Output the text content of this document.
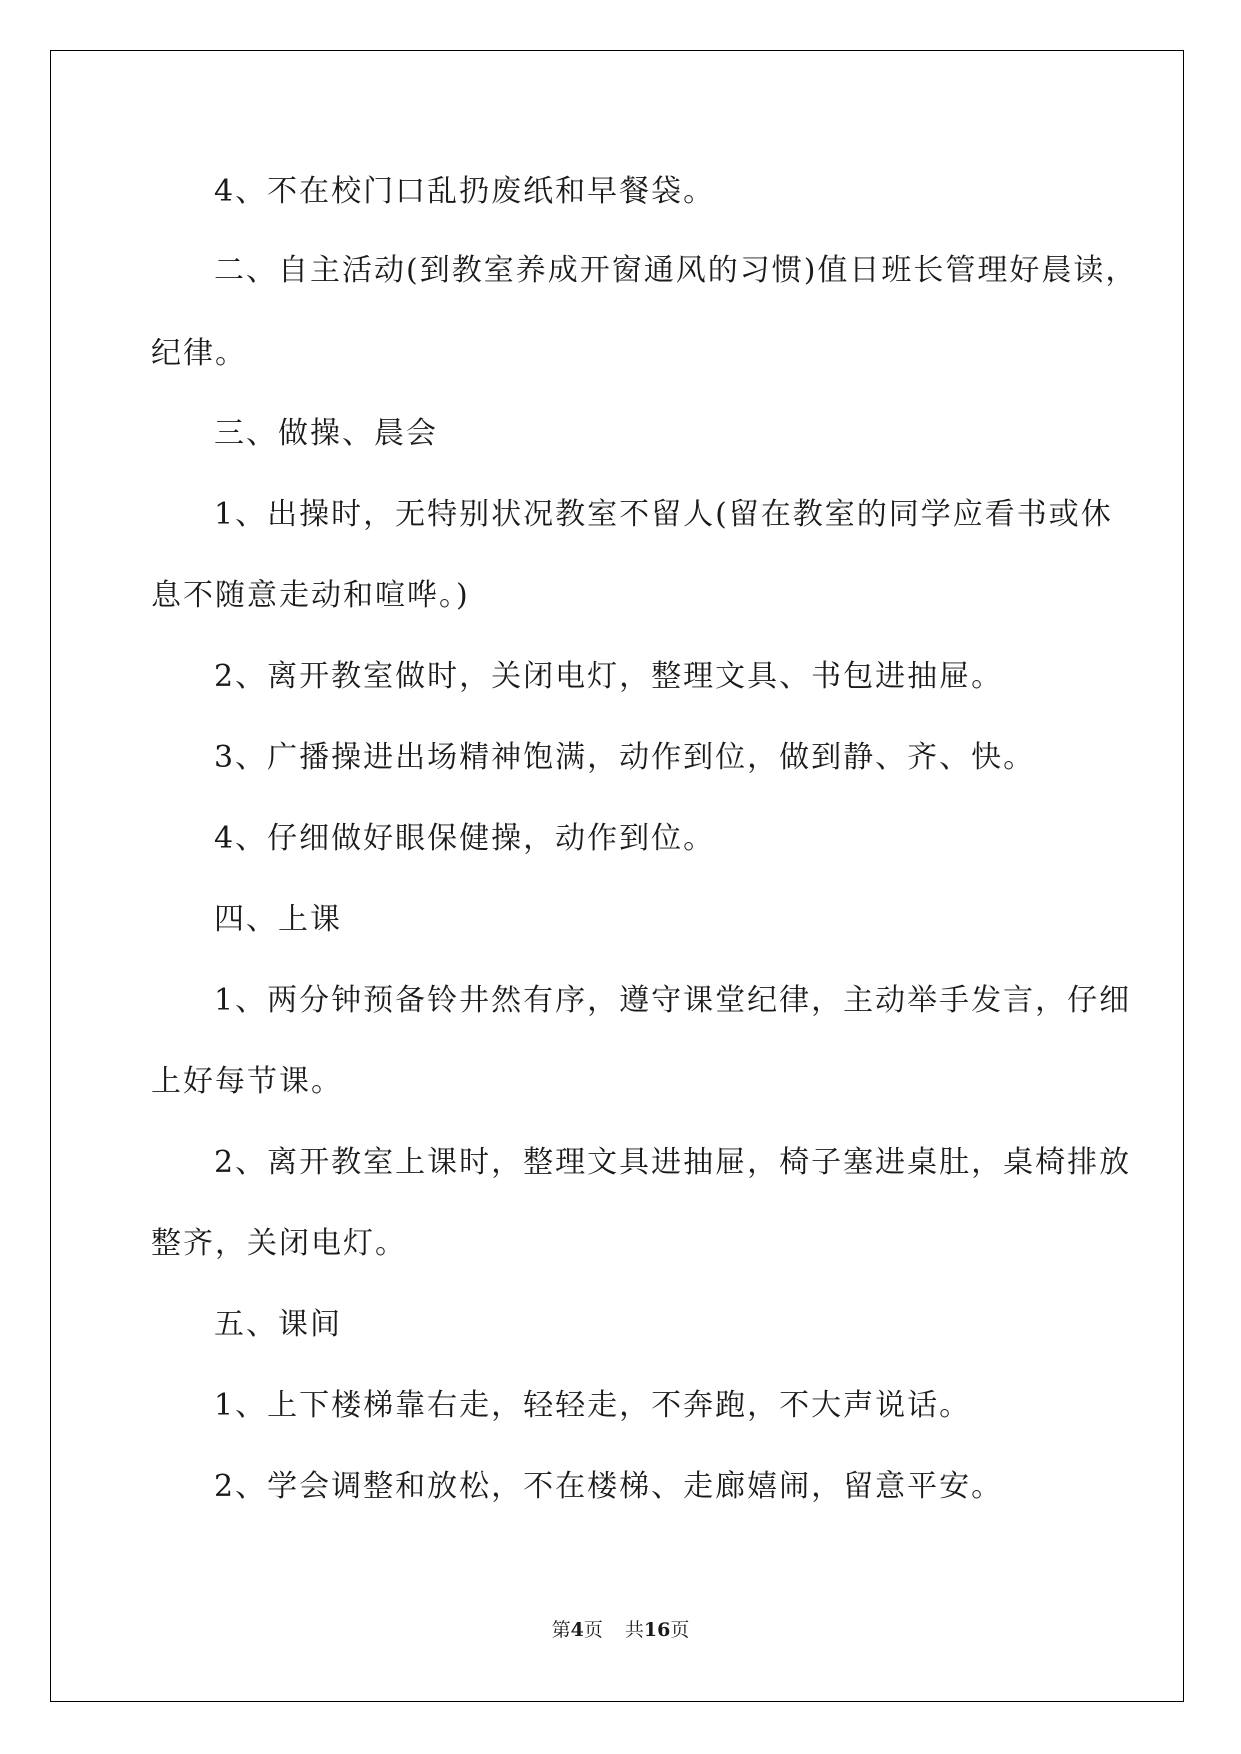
4、不在校门口乱扔废纸和早餐袋。
二、自主活动(到教室养成开窗通风的习惯)值日班长管理好晨读，
纪律。
三、做操、晨会
1、出操时，无特别状况教室不留人(留在教室的同学应看书或休
息不随意走动和喧哗。)
2、离开教室做时，关闭电灯，整理文具、书包进抽屉。
3、广播操进出场精神饱满，动作到位，做到静、齐、快。
4、仔细做好眼保健操，动作到位。
四、上课
1、两分钟预备铃井然有序，遵守课堂纪律，主动举手发言，仔细
上好每节课。
2、离开教室上课时，整理文具进抽屉，椅子塞进桌肚，桌椅排放
整齐，关闭电灯。
五、课间
1、上下楼梯靠右走，轻轻走，不奔跑，不大声说话。
2、学会调整和放松，不在楼梯、走廊嬉闹，留意平安。
第4页 共16页
